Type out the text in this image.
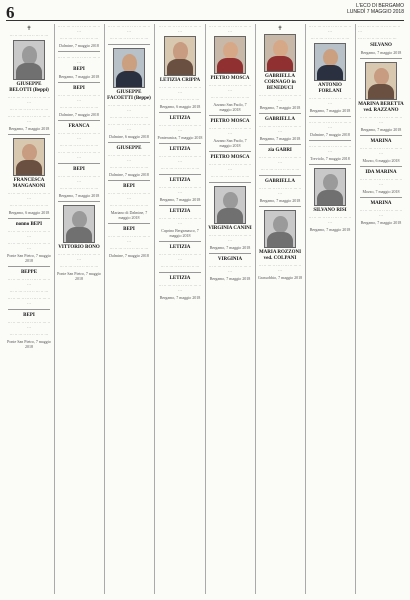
6	L'ECO DI BERGAMO
LUNEDÌ 7 MAGGIO 2018
✝
··· ·· ··· ·· ··· ·· ··· ·· ···
GIUSEPPE BELOTTI (Beppi)
··· ·· ··· ·· ··· ·· ··· ·· ··· ·· ···
··· ·· ··· ·· ··· ·· ··· ·· ···
··· ·· ··· ·· ··· ·· ··· ·· ··· ·· ···
Bergamo, 7 maggio 2018
FRANCESCA MANGANONI
··· ·· ··· ·· ··· ·· ··· ·· ··· ·· ···
··· ·· ··· ·· ··· ·· ··· ·· ···
Bergamo, 6 maggio 2018
nonno BEPI
··· ·· ··· ·· ··· ·· ··· ·· ··· ·· ···
··· ·· ··· ·· ··· ·· ··· ·· ··· ·· ···
Ponte San Pietro, 7 maggio 2018
BEPPE
··· ·· ··· ·· ··· ·· ··· ·· ··· ·· ···
··· ·· ··· ·· ··· ·· ··· ·· ···
··· ·· ··· ·· ··· ·· ··· ·· ··· ·· ···
BEPI
··· ·· ··· ·· ··· ·· ··· ·· ··· ·· ···
··· ·· ··· ·· ··· ·· ··· ·· ···
Ponte San Pietro, 7 maggio 2018
··· ·· ··· ·· ··· ·· ··· ·· ··· ·· ···
··· ·· ··· ·· ··· ·· ··· ·· ···
Dalmine, 7 maggio 2018
··· ·· ··· ·· ··· ·· ··· ·· ··· ·· ···
BEPI
Bergamo, 7 maggio 2018
BEPI
··· ·· ··· ·· ··· ·· ··· ·· ··· ·· ···
··· ·· ··· ·· ··· ·· ··· ·· ···
Dalmine, 7 maggio 2018
FRANCA
··· ·· ··· ·· ··· ·· ··· ·· ··· ·· ···
··· ·· ··· ·· ··· ·· ··· ·· ···
··· ·· ··· ·· ··· ·· ··· ·· ··· ·· ···
BEPI
··· ·· ··· ·· ··· ·· ··· ·· ··· ·· ···
··· ·· ··· ·· ··· ·· ··· ·· ···
Bergamo, 7 maggio 2018
VITTORIO BONO
··· ·· ··· ·· ··· ·· ··· ·· ··· ·· ···
··· ·· ··· ·· ··· ·· ··· ·· ···
Ponte San Pietro, 7 maggio 2018
··· ·· ··· ·· ··· ·· ··· ·· ··· ·· ···
··· ·· ··· ·· ··· ·· ··· ·· ···
GIUSEPPE FACOETTI (Beppe)
··· ·· ··· ·· ··· ·· ··· ·· ··· ·· ···
··· ·· ··· ·· ··· ·· ··· ·· ···
··· ·· ··· ·· ··· ·· ··· ·· ··· ·· ···
Dalmine, 6 maggio 2018
GIUSEPPE
··· ·· ··· ·· ··· ·· ··· ·· ··· ·· ···
··· ·· ··· ·· ··· ·· ··· ·· ···
Dalmine, 7 maggio 2018
BEPI
··· ·· ··· ·· ··· ·· ··· ·· ··· ·· ···
··· ·· ··· ·· ··· ·· ··· ·· ···
Mariano di Dalmine, 7 maggio 2018
BEPI
··· ·· ··· ·· ··· ·· ··· ·· ··· ·· ···
··· ·· ··· ·· ··· ·· ··· ·· ···
Dalmine, 7 maggio 2018
··· ·· ··· ·· ··· ·· ··· ·· ··· ·· ···
LETIZIA CRIPPA
··· ·· ··· ·· ··· ·· ··· ·· ··· ·· ···
··· ·· ··· ·· ··· ·· ··· ·· ···
Bergamo, 6 maggio 2018
LETIZIA
··· ·· ··· ·· ··· ·· ··· ·· ··· ·· ···
Ponteranica, 7 maggio 2018
LETIZIA
··· ·· ··· ·· ··· ·· ··· ·· ··· ·· ···
··· ·· ··· ·· ··· ·· ··· ·· ···
LETIZIA
··· ·· ··· ·· ··· ·· ··· ·· ··· ·· ···
Bergamo, 7 maggio 2018
LETIZIA
··· ·· ··· ·· ··· ·· ··· ·· ··· ·· ···
Caprino Bergamasco, 7 maggio 2018
LETIZIA
··· ·· ··· ·· ··· ·· ··· ·· ··· ·· ···
··· ·· ··· ·· ··· ·· ··· ·· ···
LETIZIA
··· ·· ··· ·· ··· ·· ··· ·· ··· ·· ···
Bergamo, 7 maggio 2018
··· ·· ··· ·· ··· ·· ··· ·· ··· ·· ···
PIETRO MOSCA
··· ·· ··· ·· ··· ·· ··· ·· ··· ·· ···
··· ·· ··· ·· ··· ·· ··· ·· ···
Azzano San Paolo, 7 maggio 2018
PIETRO MOSCA
··· ·· ··· ·· ··· ·· ··· ·· ··· ·· ···
Azzano San Paolo, 7 maggio 2018
PIETRO MOSCA
··· ·· ··· ·· ··· ·· ··· ·· ··· ·· ···
··· ·· ··· ·· ··· ·· ··· ·· ···
VIRGINIA CANINI
··· ·· ··· ·· ··· ·· ··· ·· ··· ·· ···
Bergamo, 7 maggio 2018
VIRGINIA
··· ·· ··· ·· ··· ·· ··· ·· ··· ·· ···
Bergamo, 7 maggio 2018
✝
GABRIELLA CORNAGO in BENEDUCI
··· ·· ··· ·· ··· ·· ··· ·· ··· ·· ···
Bergamo, 7 maggio 2018
GABRIELLA
··· ·· ··· ·· ··· ·· ··· ·· ··· ·· ···
Bergamo, 7 maggio 2018
zia GABRI
··· ·· ··· ·· ··· ·· ··· ·· ··· ·· ···
··· ·· ··· ·· ··· ·· ··· ·· ···
GABRIELLA
··· ·· ··· ·· ··· ·· ··· ·· ··· ·· ···
Bergamo, 7 maggio 2018
MARIA ROZZONI ved. COLPANI
··· ·· ··· ·· ··· ·· ··· ·· ··· ·· ···
Grassobbio, 7 maggio 2018
··· ·· ··· ·· ··· ·· ··· ·· ··· ·· ···
··· ·· ··· ·· ··· ·· ··· ·· ···
ANTONIO FORLANI
··· ·· ··· ·· ··· ·· ··· ·· ··· ·· ···
Bergamo, 7 maggio 2018
··· ·· ··· ·· ··· ·· ··· ·· ··· ·· ···
Dalmine, 7 maggio 2018
··· ·· ··· ·· ··· ·· ··· ·· ··· ·· ···
Treviolo, 7 maggio 2018
SILVANO RISI
··· ·· ··· ·· ··· ·· ··· ·· ··· ·· ···
Bergamo, 7 maggio 2018
··· ·· ··· ·· ··· ·· ··· ·· ··· ·· ···
··· ·· ··· ·· ··· ·· ··· ·· ···
SILVANO
Bergamo, 7 maggio 2018
MARINA BERETTA ved. RAZZANO
··· ·· ··· ·· ··· ·· ··· ·· ··· ·· ···
Bergamo, 7 maggio 2018
MARINA
··· ·· ··· ·· ··· ·· ··· ·· ··· ·· ···
Mozzo, 6 maggio 2018
IDA MARINA
··· ·· ··· ·· ··· ·· ··· ·· ··· ·· ···
Mozzo, 7 maggio 2018
MARINA
··· ·· ··· ·· ··· ·· ··· ·· ··· ·· ···
Bergamo, 7 maggio 2018
